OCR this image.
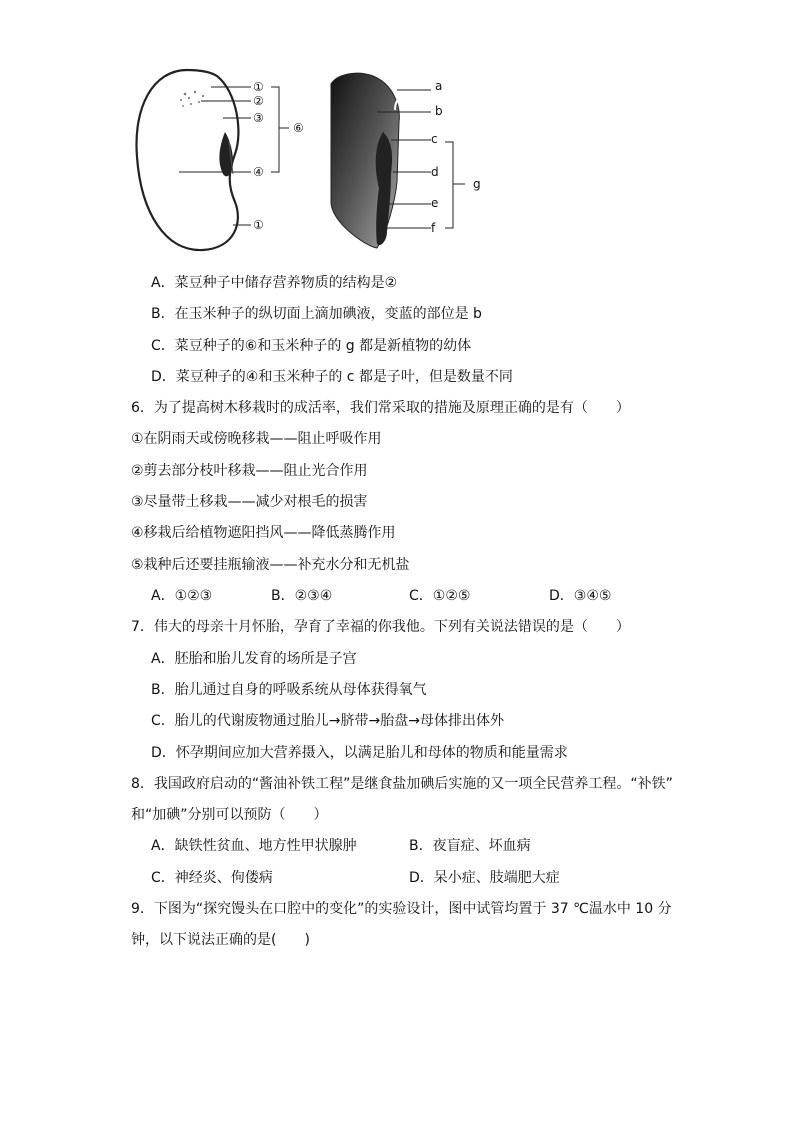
①
②
③
④
①
⑥
a
b
c
d
e
f
g
A．菜豆种子中储存营养物质的结构是②
B．在玉米种子的纵切面上滴加碘液，变蓝的部位是 b
C．菜豆种子的⑥和玉米种子的 g 都是新植物的幼体
D．菜豆种子的④和玉米种子的 c 都是子叶，但是数量不同
6．为了提高树木移栽时的成活率，我们常采取的措施及原理正确的是有（　　）
①在阴雨天或傍晚移栽——阻止呼吸作用
②剪去部分枝叶移栽——阻止光合作用
③尽量带土移栽——减少对根毛的损害
④移栽后给植物遮阳挡风——降低蒸腾作用
⑤栽种后还要挂瓶输液——补充水分和无机盐
A．①②③	B．②③④	C．①②⑤	D．③④⑤
7．伟大的母亲十月怀胎，孕育了幸福的你我他。下列有关说法错误的是（　　）
A．胚胎和胎儿发育的场所是子宫
B．胎儿通过自身的呼吸系统从母体获得氧气
C．胎儿的代谢废物通过胎儿→脐带→胎盘→母体排出体外
D．怀孕期间应加大营养摄入，以满足胎儿和母体的物质和能量需求
8．我国政府启动的“酱油补铁工程”是继食盐加碘后实施的又一项全民营养工程。“补铁”
和“加碘”分别可以预防（　　）
A．缺铁性贫血、地方性甲状腺肿	B．夜盲症、坏血病
C．神经炎、佝偻病	D．呆小症、肢端肥大症
9．下图为“探究馒头在口腔中的变化”的实验设计，图中试管均置于 37 ℃温水中 10 分
钟，以下说法正确的是(　　)
